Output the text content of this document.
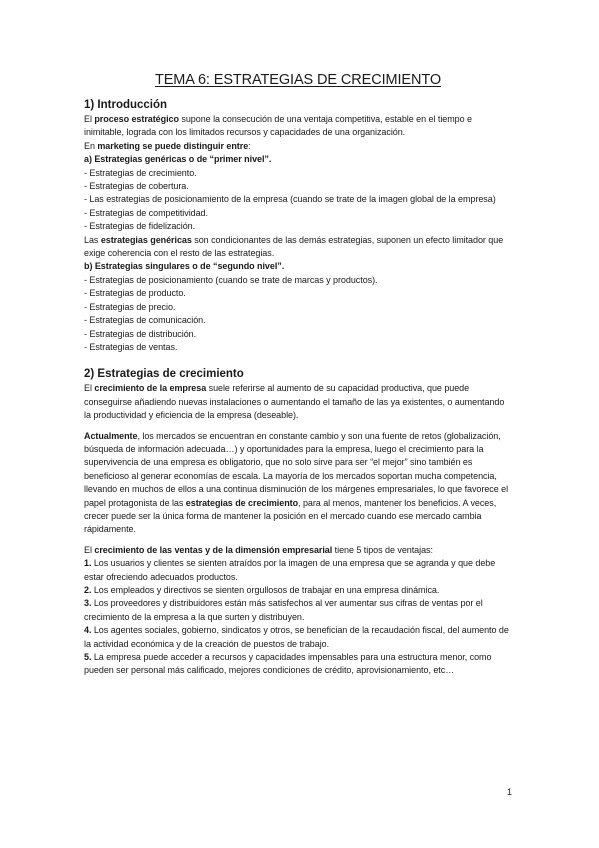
TEMA 6: ESTRATEGIAS DE CRECIMIENTO
1) Introducción

El proceso estratégico supone la consecución de una ventaja competitiva, estable en el tiempo e inimitable, lograda con los limitados recursos y capacidades de una organización.

En marketing se puede distinguir entre:

a) Estrategias genéricas o de “primer nivel”.

- Estrategias de crecimiento.

- Estrategias de cobertura.

- Las estrategias de posicionamiento de la empresa (cuando se trate de la imagen global de la empresa)

- Estrategias de competitividad.

- Estrategias de fidelización.

Las estrategias genéricas son condicionantes de las demás estrategias, suponen un efecto limitador que exige coherencia con el resto de las estrategias.

b) Estrategias singulares o de “segundo nivel”.

- Estrategias de posicionamiento (cuando se trate de marcas y productos).

- Estrategias de producto.

- Estrategias de precio.

- Estrategias de comunicación.

- Estrategias de distribución.

- Estrategias de ventas.

2) Estrategias de crecimiento

El crecimiento de la empresa suele referirse al aumento de su capacidad productiva, que puede conseguirse añadiendo nuevas instalaciones o aumentando el tamaño de las ya existentes, o aumentando la productividad y eficiencia de la empresa (deseable).

Actualmente, los mercados se encuentran en constante cambio y son una fuente de retos (globalización, búsqueda de información adecuada…) y oportunidades para la empresa, luego el crecimiento para la supervivencia de una empresa es obligatorio, que no solo sirve para ser “el mejor” sino también es beneficioso al generar economías de escala. La mayoría de los mercados soportan mucha competencia, llevando en muchos de ellos a una continua disminución de los márgenes empresariales, lo que favorece el papel protagonista de las estrategias de crecimiento, para al menos, mantener los beneficios. A veces, crecer puede ser la única forma de mantener la posición en el mercado cuando ese mercado cambia rápidamente.

El crecimiento de las ventas y de la dimensión empresarial tiene 5 tipos de ventajas:

1. Los usuarios y clientes se sienten atraídos por la imagen de una empresa que se agranda y que debe estar ofreciendo adecuados productos.

2. Los empleados y directivos se sienten orgullosos de trabajar en una empresa dinámica.

3. Los proveedores y distribuidores están más satisfechos al ver aumentar sus cifras de ventas por el crecimiento de la empresa a la que surten y distribuyen.

4. Los agentes sociales, gobierno, sindicatos y otros, se benefician de la recaudación fiscal, del aumento de la actividad económica y de la creación de puestos de trabajo.

5. La empresa puede acceder a recursos y capacidades impensables para una estructura menor, como pueden ser personal más calificado, mejores condiciones de crédito, aprovisionamiento, etc…

1
